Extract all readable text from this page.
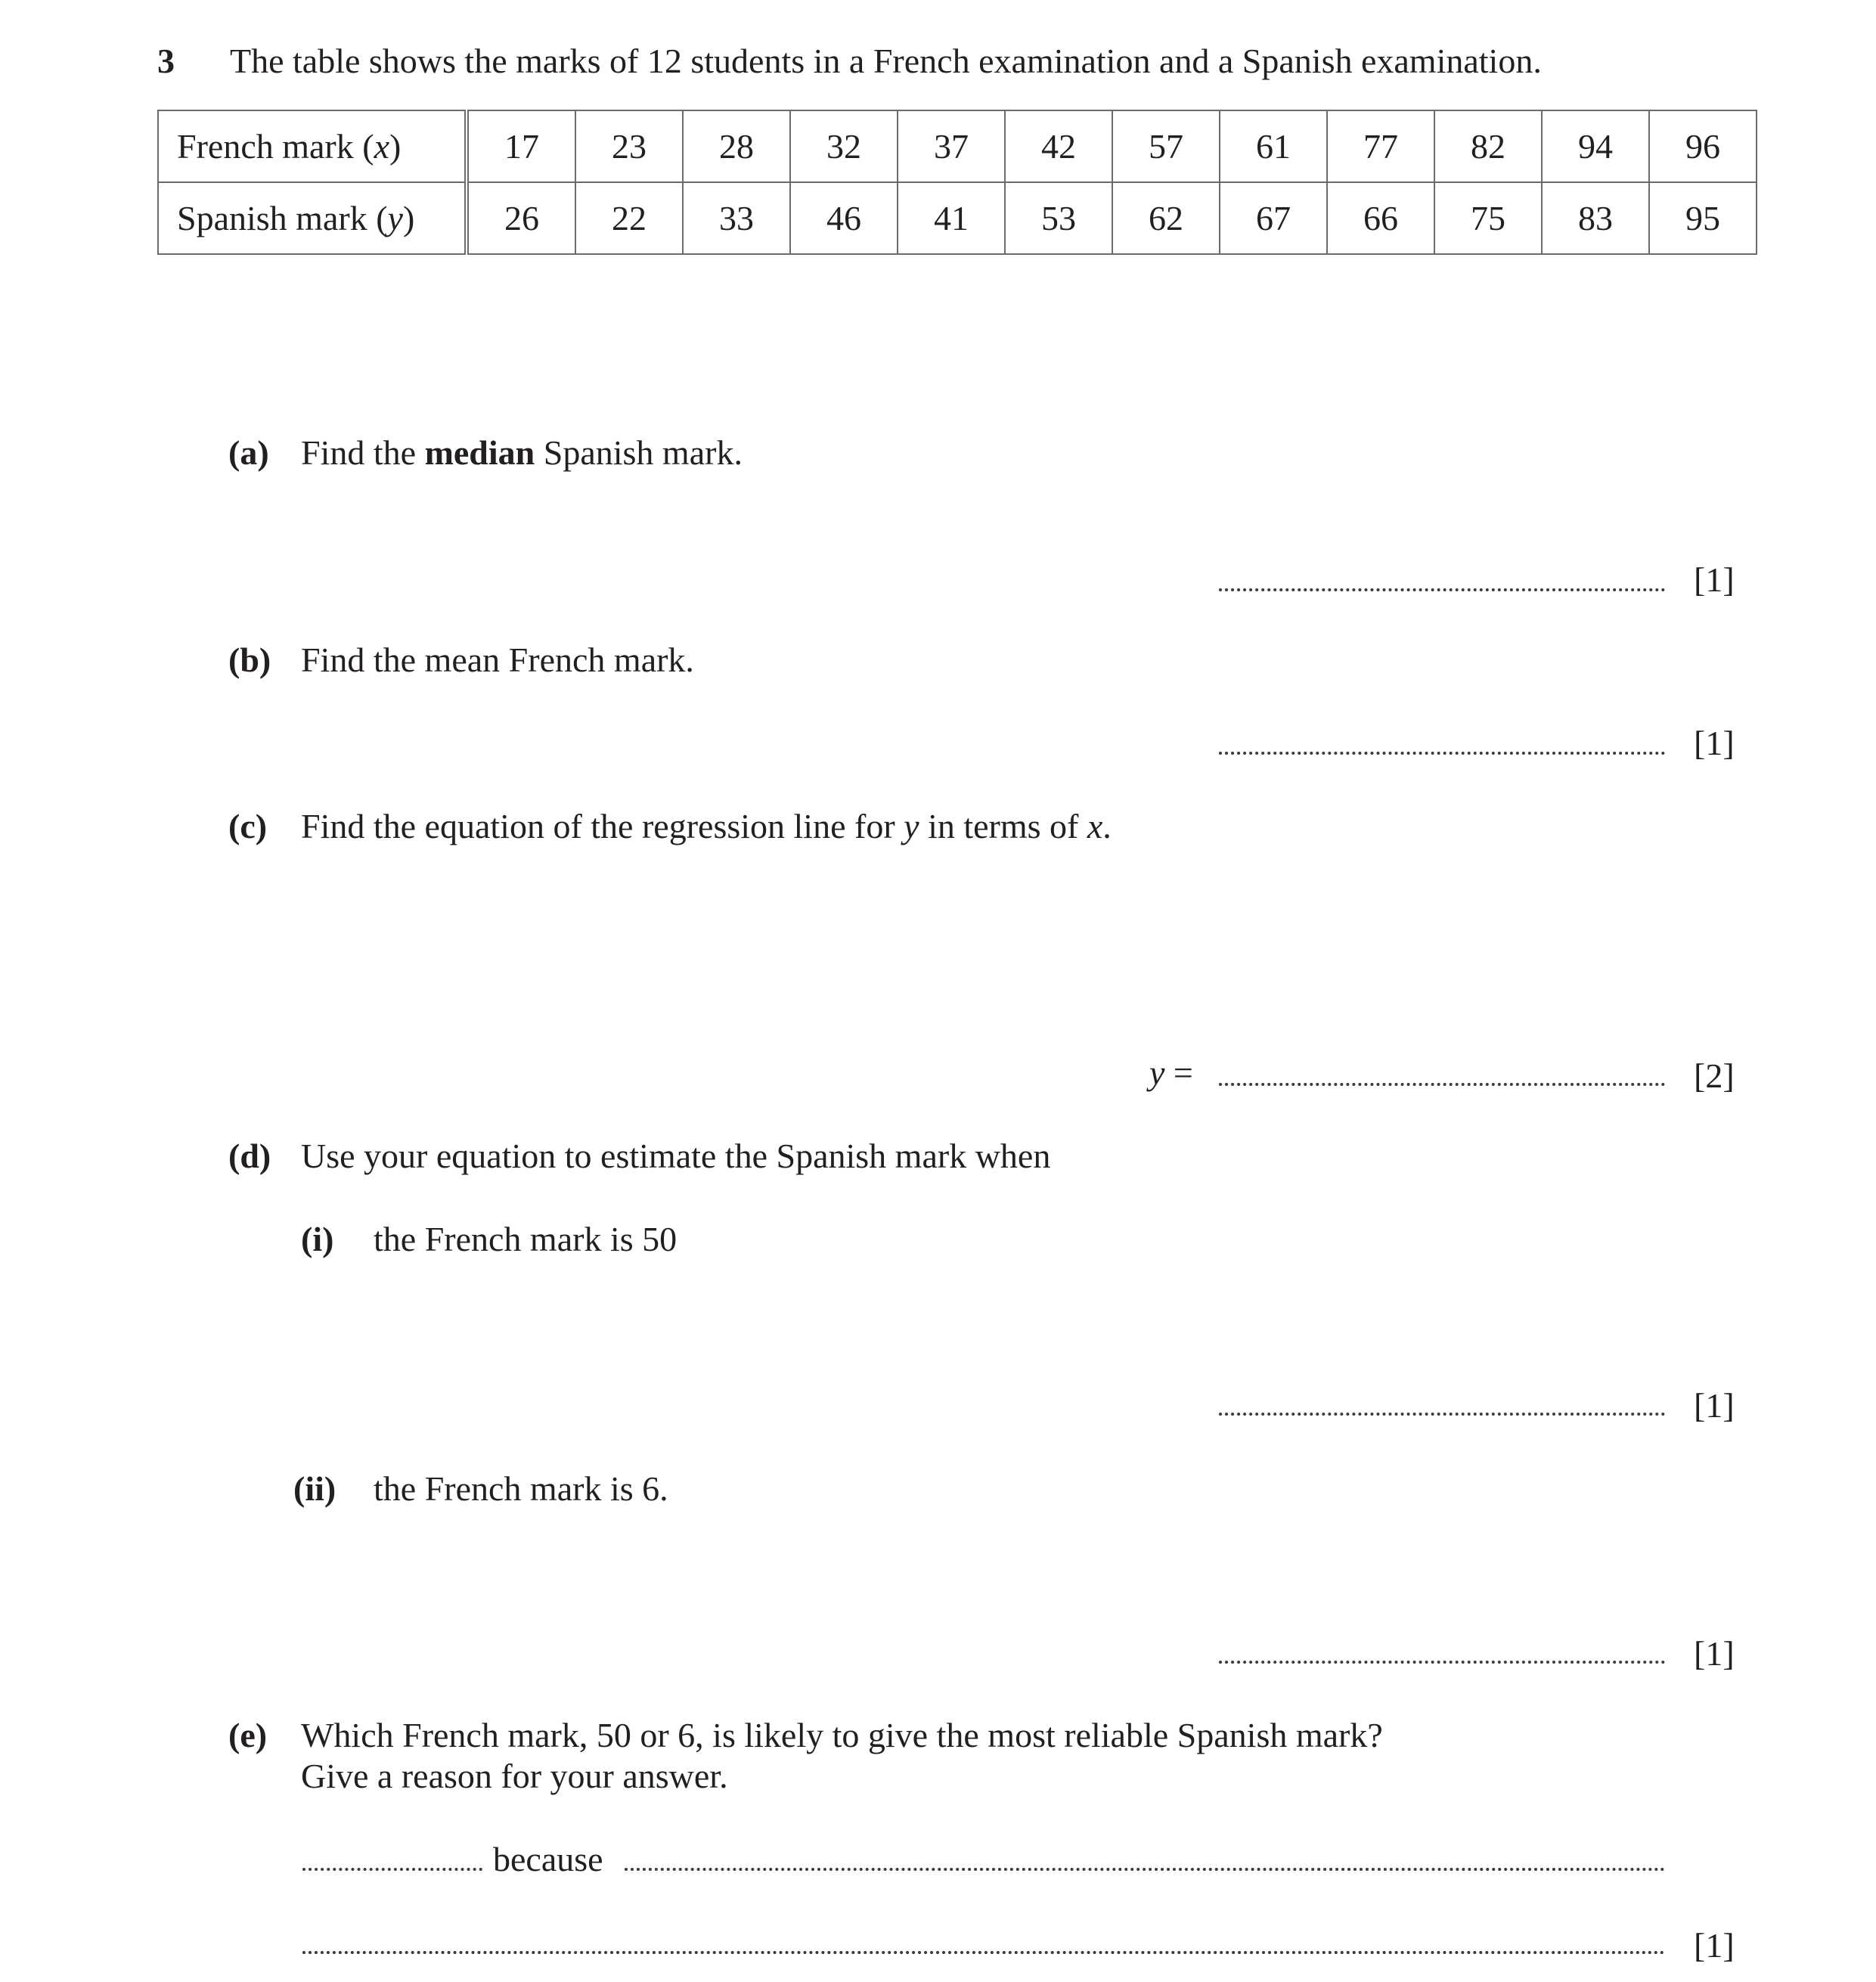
3 The table shows the marks of 12 students in a French examination and a Spanish examination.
French mark (x)	17	23	28	32	37	42	57	61	77	82	94	96
Spanish mark (y)	26	22	33	46	41	53	62	67	66	75	83	95
(a) Find the median Spanish mark.
[1]
(b) Find the mean French mark.
[1]
(c) Find the equation of the regression line for y in terms of x.
y =	[2]
(d) Use your equation to estimate the Spanish mark when
(i) the French mark is 50
[1]
(ii) the French mark is 6.
[1]
(e) Which French mark, 50 or 6, is likely to give the most reliable Spanish mark?
Give a reason for your answer.
because
[1]
